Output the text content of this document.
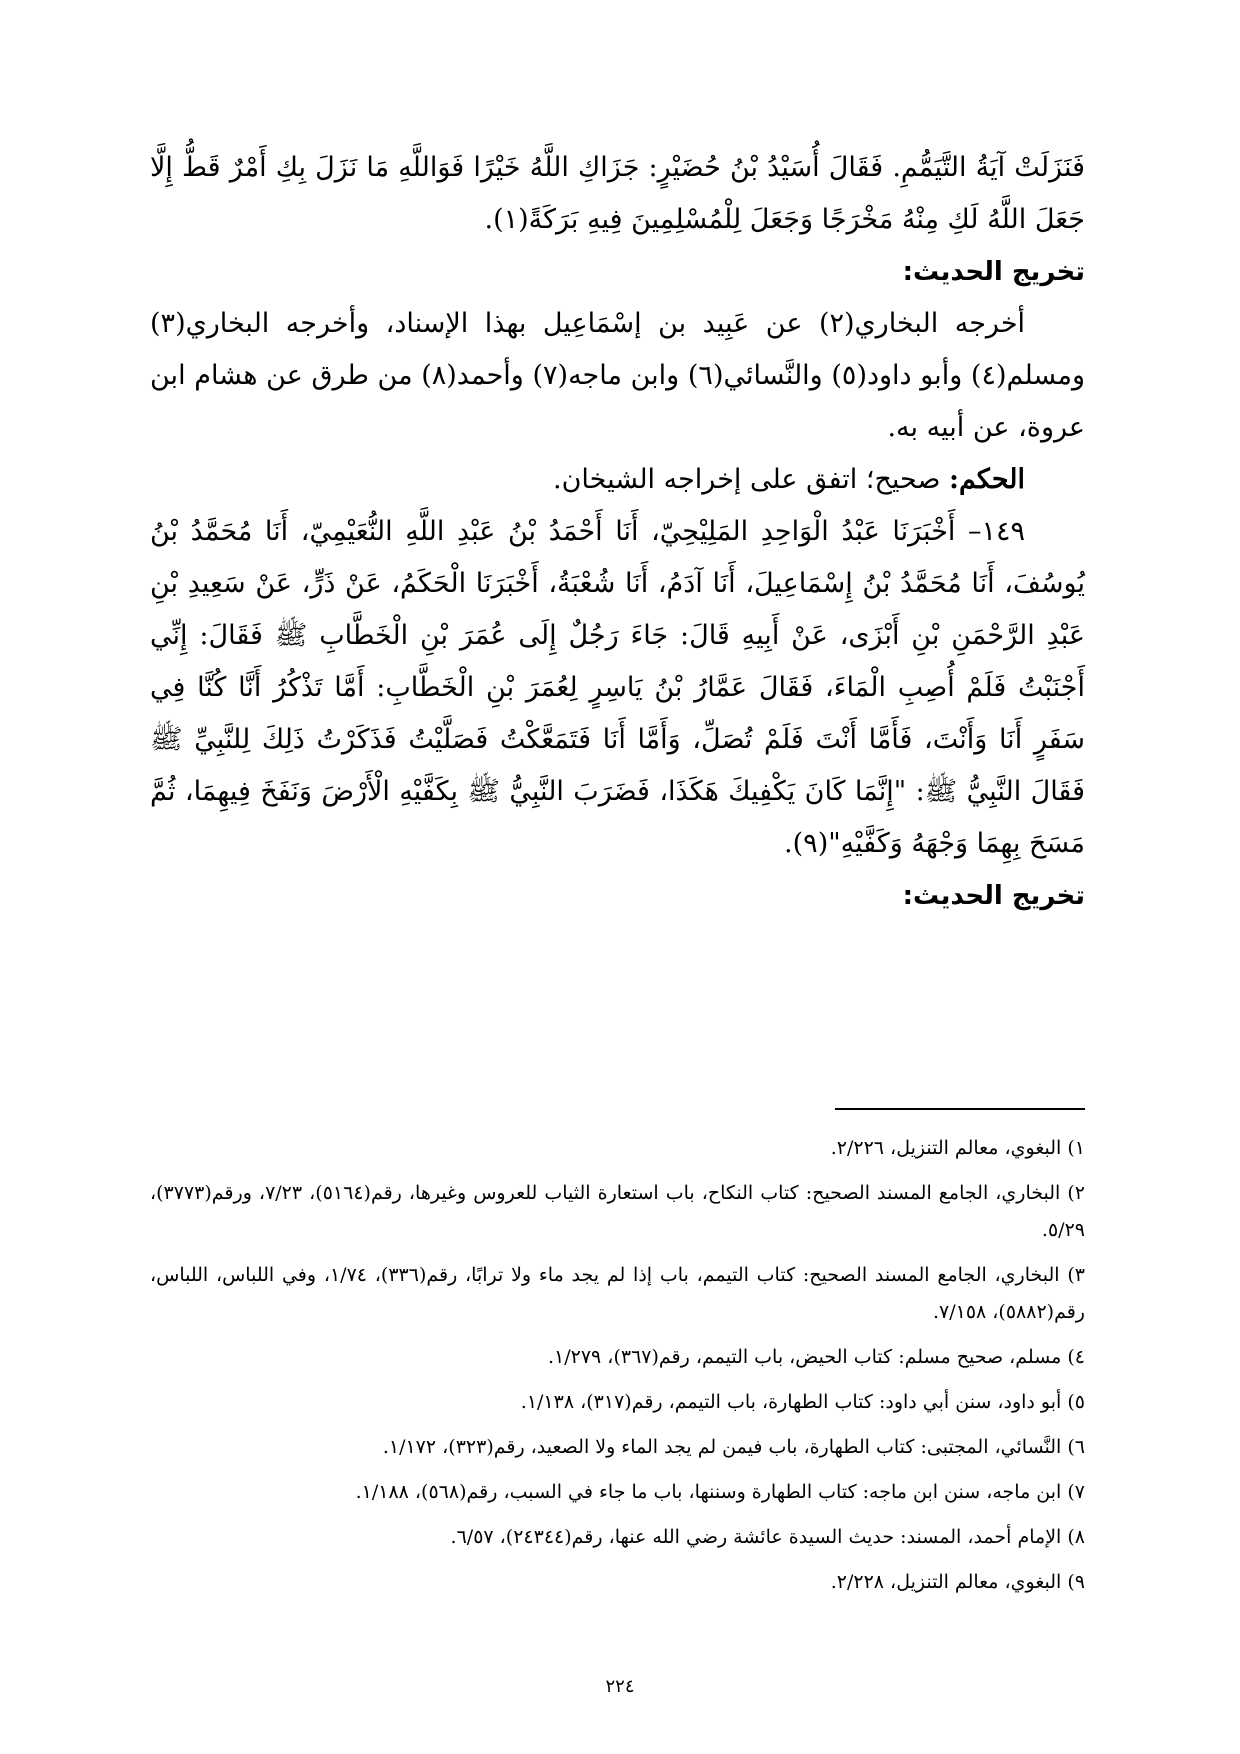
فَنَزَلَتْ آيَةُ التَّيَمُّمِ. فَقَالَ أُسَيْدُ بْنُ حُضَيْرٍ: جَزَاكِ اللَّهُ خَيْرًا فَوَاللَّهِ مَا نَزَلَ بِكِ أَمْرٌ قَطُّ إِلَّا جَعَلَ اللَّهُ لَكِ مِنْهُ مَخْرَجًا وَجَعَلَ لِلْمُسْلِمِينَ فِيهِ بَرَكَةً(١).

تخريج الحديث:

أخرجه البخاري(٢) عن عَبِيد بن إسْمَاعِيل بهذا الإسناد، وأخرجه البخاري(٣) ومسلم(٤) وأبو داود(٥) والنَّسائي(٦) وابن ماجه(٧) وأحمد(٨) من طرق عن هشام ابن عروة، عن أبيه به.

الحكم: صحيح؛ اتفق على إخراجه الشيخان.

١٤٩– أَخْبَرَنَا عَبْدُ الْوَاحِدِ المَلِيْحِيّ، أَنَا أَحْمَدُ بْنُ عَبْدِ اللَّهِ النُّعَيْمِيّ، أَنَا مُحَمَّدُ بْنُ يُوسُفَ، أَنَا مُحَمَّدُ بْنُ إِسْمَاعِيلَ، أَنَا آدَمُ، أَنَا شُعْبَةُ، أَخْبَرَنَا الْحَكَمُ، عَنْ ذَرٍّ، عَنْ سَعِيدِ بْنِ عَبْدِ الرَّحْمَنِ بْنِ أَبْزَى، عَنْ أَبِيهِ قَالَ: جَاءَ رَجُلٌ إِلَى عُمَرَ بْنِ الْخَطَّابِ ﷺ فَقَالَ: إِنِّي أَجْنَبْتُ فَلَمْ أُصِبِ الْمَاءَ، فَقَالَ عَمَّارُ بْنُ يَاسِرٍ لِعُمَرَ بْنِ الْخَطَّابِ: أَمَّا تَذْكُرُ أَنَّا كُنَّا فِي سَفَرٍ أَنَا وَأَنْتَ، فَأَمَّا أَنْتَ فَلَمْ تُصَلِّ، وَأَمَّا أَنَا فَتَمَعَّكْتُ فَصَلَّيْتُ فَذَكَرْتُ ذَلِكَ لِلنَّبِيِّ ﷺ فَقَالَ النَّبِيُّ ﷺ: "إِنَّمَا كَانَ يَكْفِيكَ هَكَذَا، فَضَرَبَ النَّبِيُّ ﷺ بِكَفَّيْهِ الْأَرْضَ وَنَفَخَ فِيهِمَا، ثُمَّ مَسَحَ بِهِمَا وَجْهَهُ وَكَفَّيْهِ"(٩).

تخريج الحديث:

١) البغوي، معالم التنزيل، ٢/٢٢٦.

٢) البخاري، الجامع المسند الصحيح: كتاب النكاح، باب استعارة الثياب للعروس وغيرها، رقم(٥١٦٤)، ٧/٢٣، ورقم(٣٧٧٣)، ٥/٢٩.

٣) البخاري، الجامع المسند الصحيح: كتاب التيمم، باب إذا لم يجد ماء ولا ترابًا، رقم(٣٣٦)، ١/٧٤، وفي اللباس، اللباس، رقم(٥٨٨٢)، ٧/١٥٨.

٤) مسلم، صحيح مسلم: كتاب الحيض، باب التيمم، رقم(٣٦٧)، ١/٢٧٩.

٥) أبو داود، سنن أبي داود: كتاب الطهارة، باب التيمم، رقم(٣١٧)، ١/١٣٨.

٦) النَّسائي، المجتبى: كتاب الطهارة، باب فيمن لم يجد الماء ولا الصعيد، رقم(٣٢٣)، ١/١٧٢.

٧) ابن ماجه، سنن ابن ماجه: كتاب الطهارة وسننها، باب ما جاء في السبب، رقم(٥٦٨)، ١/١٨٨.

٨) الإمام أحمد، المسند: حديث السيدة عائشة رضي الله عنها، رقم(٢٤٣٤٤)، ٦/٥٧.

٩) البغوي، معالم التنزيل، ٢/٢٢٨.

٢٢٤
